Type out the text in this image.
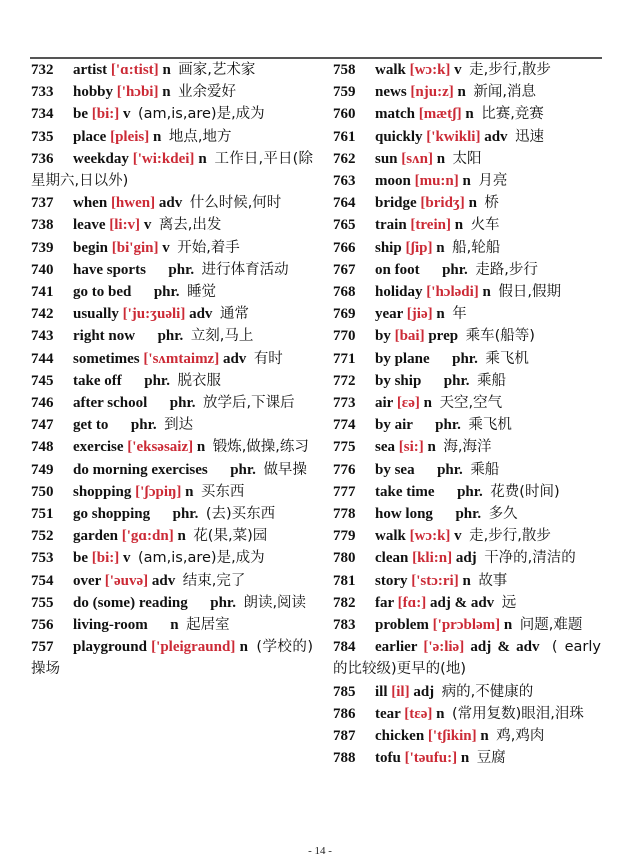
732 artist ['ɑ:tist] n 画家,艺术家
733 hobby ['hɔbi] n 业余爱好
734 be [bi:] v (am,is,are)是,成为
735 place [pleis] n 地点,地方
736 weekday ['wi:kdei] n 工作日,平日(除星期六,日以外)
737 when [hwen] adv 什么时候,何时
738 leave [li:v] v 离去,出发
739 begin [bi'gin] v 开始,着手
740 have sports phr. 进行体育活动
741 go to bed phr. 睡觉
742 usually ['ju:ʒuəli] adv 通常
743 right now phr. 立刻,马上
744 sometimes ['sʌmtaimz] adv 有时
745 take off phr. 脱衣服
746 after school phr. 放学后,下课后
747 get to phr. 到达
748 exercise ['eksəsaiz] n 锻炼,做操,练习
749 do morning exercises phr. 做早操
750 shopping ['ʃɔpiŋ] n 买东西
751 go shopping phr. (去)买东西
752 garden ['gɑ:dn] n 花(果,菜)园
753 be [bi:] v (am,is,are)是,成为
754 over ['əuvə] adv 结束,完了
755 do (some) reading phr. 朗读,阅读
756 living-room n 起居室
757 playground ['pleigraund] n (学校的)操场
758 walk [wɔ:k] v 走,步行,散步
759 news [nju:z] n 新闻,消息
760 match [mætʃ] n 比赛,竞赛
761 quickly ['kwikli] adv 迅速
762 sun [sʌn] n 太阳
763 moon [mu:n] n 月亮
764 bridge [bridʒ] n 桥
765 train [trein] n 火车
766 ship [ʃip] n 船,轮船
767 on foot phr. 走路,步行
768 holiday ['hɔlədi] n 假日,假期
769 year [jiə] n 年
770 by [bai] prep 乘车(船等)
771 by plane phr. 乘飞机
772 by ship phr. 乘船
773 air [εə] n 天空,空气
774 by air phr. 乘飞机
775 sea [si:] n 海,海洋
776 by sea phr. 乘船
777 take time phr. 花费(时间)
778 how long phr. 多久
779 walk [wɔ:k] v 走,步行,散步
780 clean [kli:n] adj 干净的,清洁的
781 story ['stɔ:ri] n 故事
782 far [fɑ:] adj & adv 远
783 problem ['prɔbləm] n 问题,难题
784 earlier ['ə:liə] adj & adv ( early 的比较级)更早的(地)
785 ill [il] adj 病的,不健康的
786 tear [tεə] n (常用复数)眼泪,泪珠
787 chicken ['tʃikin] n 鸡,鸡肉
788 tofu ['təufu:] n 豆腐
- 14 -
